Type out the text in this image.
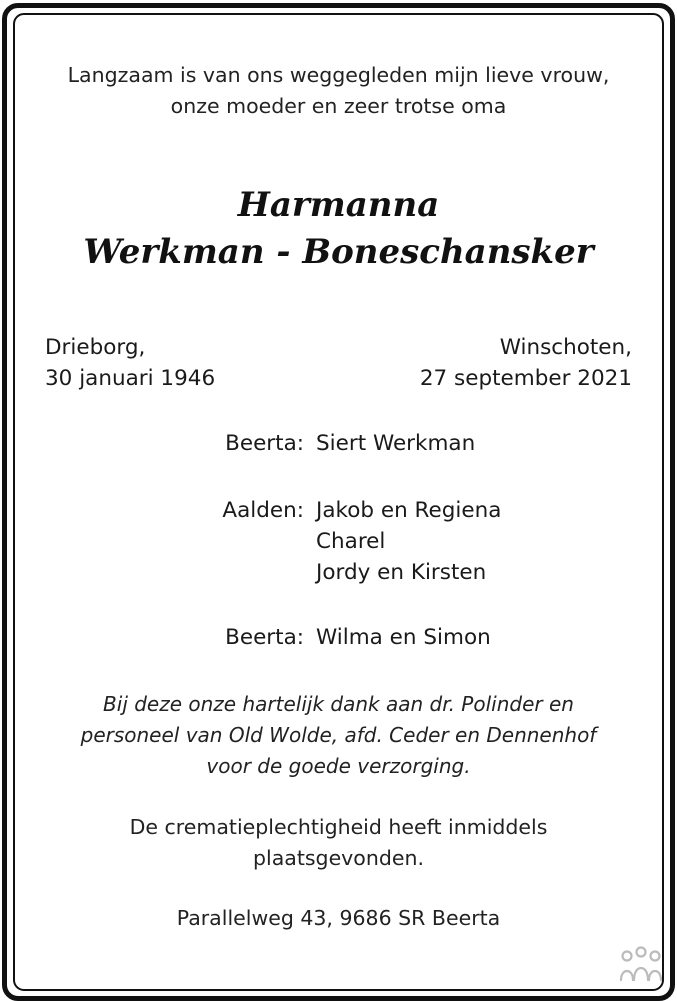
Langzaam is van ons weggegleden mijn lieve vrouw,
onze moeder en zeer trotse oma
Harmanna
Werkman - Boneschansker
Drieborg,
30 januari 1946
Winschoten,
27 september 2021
Beerta: Siert Werkman
Aalden: Jakob en Regiena
Charel
Jordy en Kirsten
Beerta: Wilma en Simon
Bij deze onze hartelijk dank aan dr. Polinder en
personeel van Old Wolde, afd. Ceder en Dennenhof
voor de goede verzorging.
De crematieplechtigheid heeft inmiddels
plaatsgevonden.
Parallelweg 43, 9686 SR Beerta
